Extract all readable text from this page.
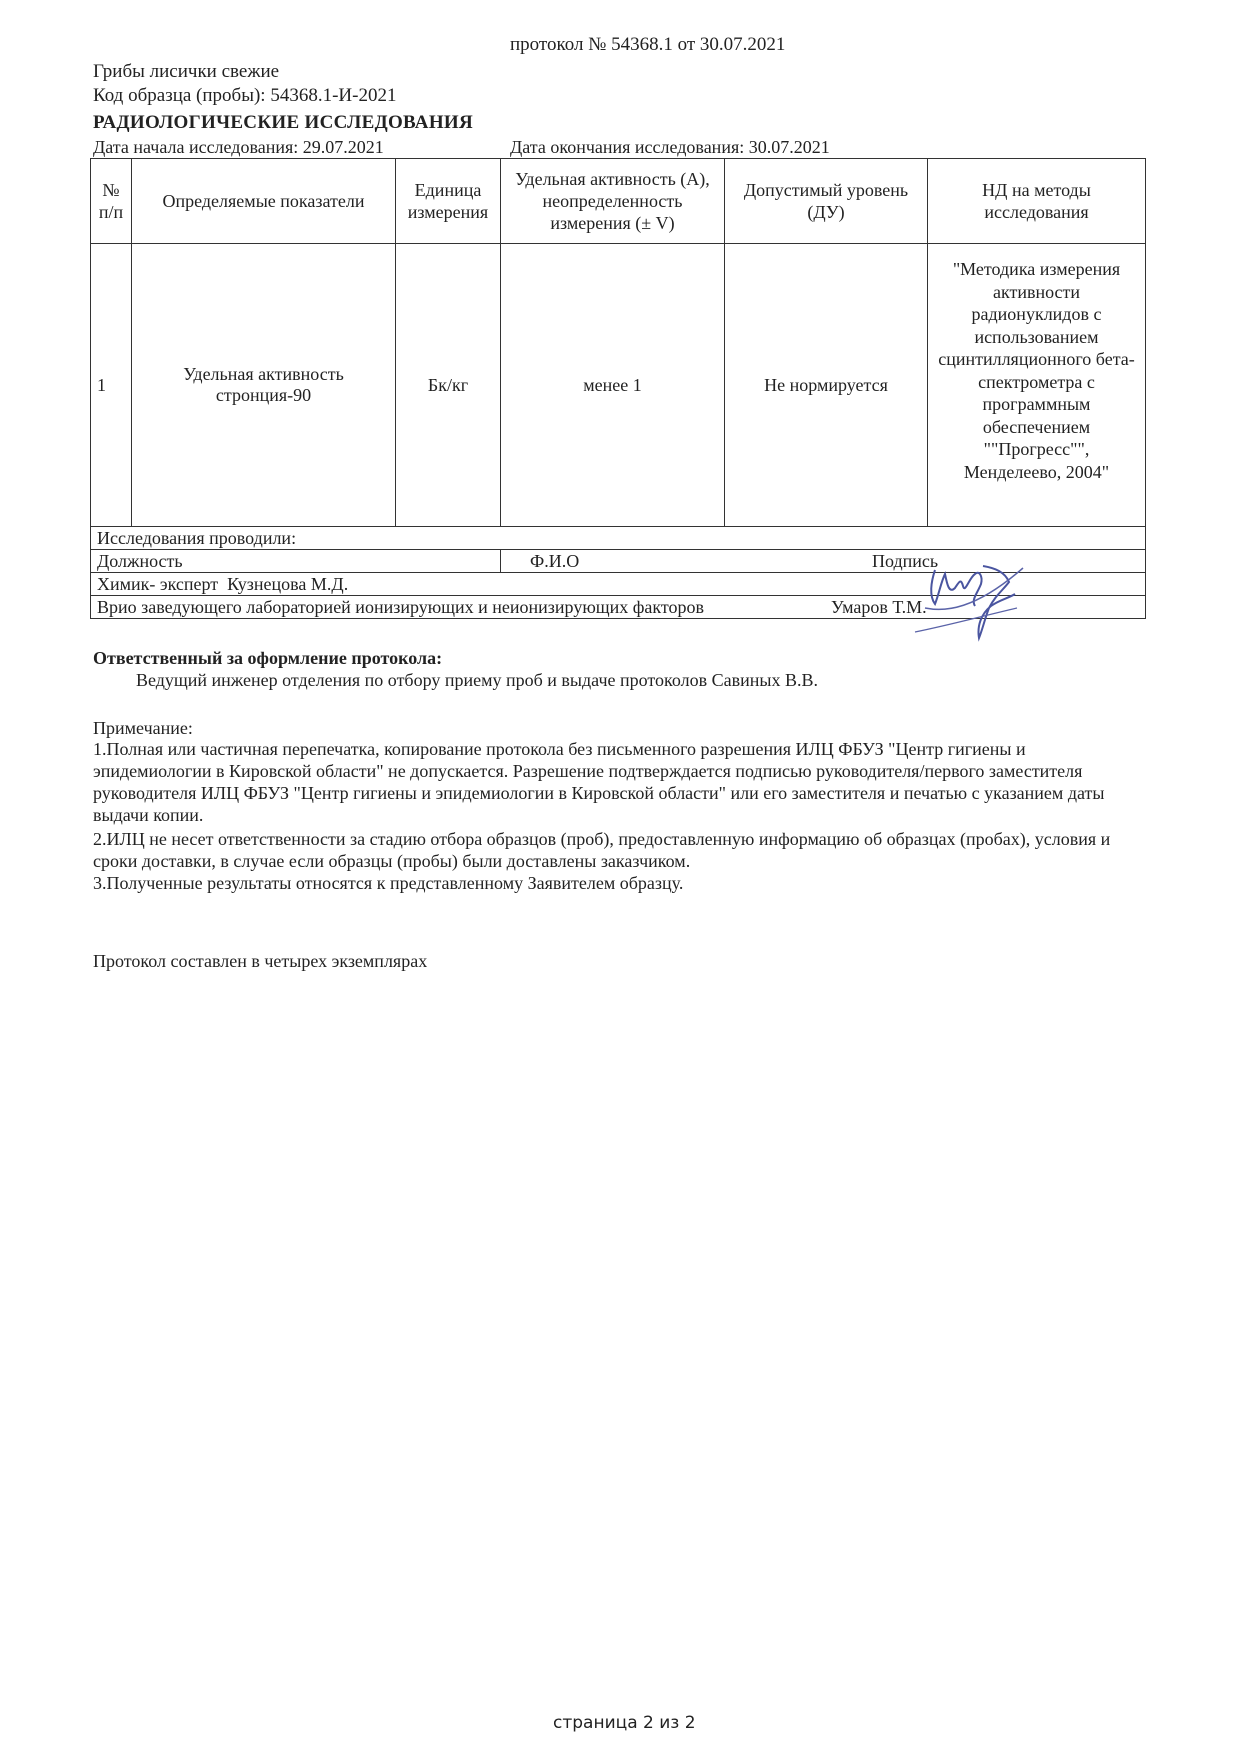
протокол № 54368.1 от 30.07.2021
Грибы лисички свежие
Код образца (пробы): 54368.1-И-2021
РАДИОЛОГИЧЕСКИЕ ИССЛЕДОВАНИЯ
Дата начала исследования: 29.07.2021	Дата окончания исследования: 30.07.2021
№ п/п	Определяемые показатели	Единица измерения	Удельная активность (А), неопределенность измерения (± V)	Допустимый уровень (ДУ)	НД на методы исследования
1	Удельная активность стронция-90	Бк/кг	менее 1	Не нормируется	"Методика измерения активности радионуклидов с использованием сцинтилляционного бета-спектрометра с программным обеспечением ""Прогресс"", Менделеево, 2004"
Исследования проводили:					
Должность			Ф.И.О Подпись		

Химик- эксперт  Кузнецова М.Д.					
Врио заведующего лабораторией ионизирующих и неионизирующих факторов Умаров Т.М.					
Ответственный за оформление протокола:
Ведущий инженер отделения по отбору приему проб и выдаче протоколов Савиных В.В.
Примечание:
1.Полная или частичная перепечатка, копирование протокола без письменного разрешения ИЛЦ ФБУЗ "Центр гигиены и эпидемиологии в Кировской области" не допускается. Разрешение подтверждается подписью руководителя/первого заместителя руководителя ИЛЦ ФБУЗ "Центр гигиены и эпидемиологии в Кировской области" или его заместителя и печатью с указанием даты выдачи копии.
2.ИЛЦ не несет ответственности за стадию отбора образцов (проб), предоставленную информацию об образцах (пробах), условия и сроки доставки, в случае если образцы (пробы) были доставлены заказчиком.
3.Полученные результаты относятся к представленному Заявителем образцу.
Протокол составлен в четырех экземплярах
страница 2 из 2
